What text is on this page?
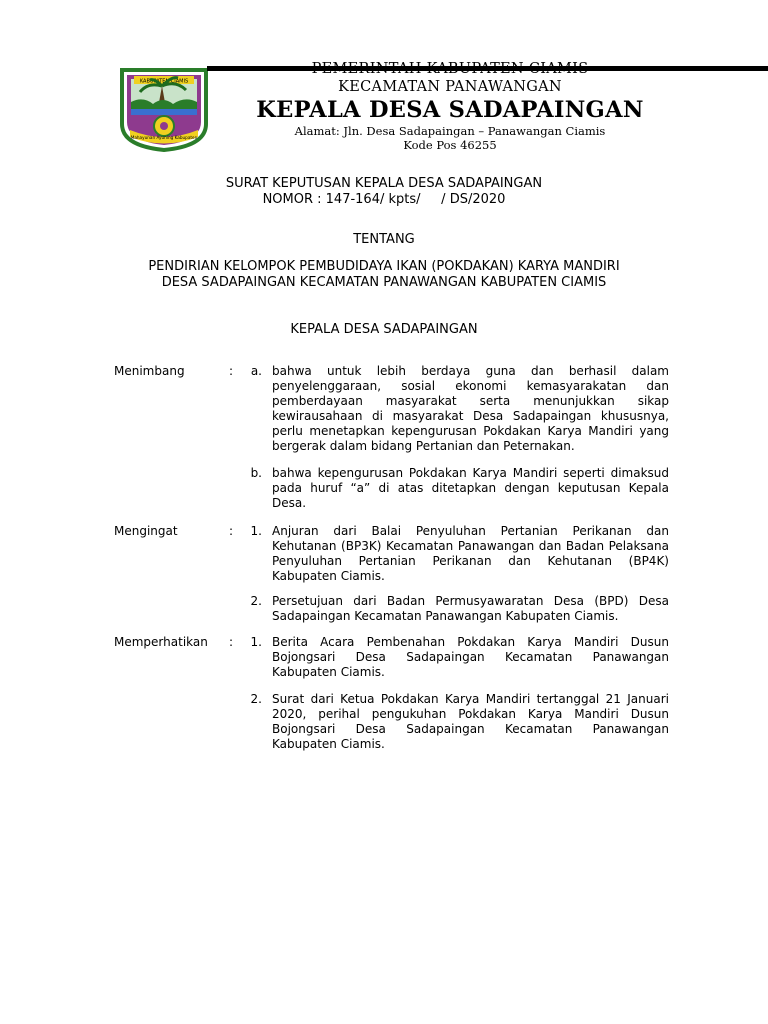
KABUPATEN CIAMIS
Mahayunan Ayuning Kabupaten
PEMERINTAH KABUPATEN CIAMIS
KECAMATAN PANAWANGAN
KEPALA DESA SADAPAINGAN
Alamat: Jln. Desa Sadapaingan – Panawangan Ciamis
Kode Pos 46255
SURAT KEPUTUSAN KEPALA DESA SADAPAINGAN
NOMOR : 147-164/ kpts/     / DS/2020
TENTANG
PENDIRIAN KELOMPOK PEMBUDIDAYA IKAN (POKDAKAN) KARYA MANDIRI
DESA SADAPAINGAN KECAMATAN PANAWANGAN KABUPATEN CIAMIS
KEPALA DESA SADAPAINGAN
Menimbang	:	a. bahwa untuk lebih berdaya guna dan berhasil dalam penyelenggaraan, sosial ekonomi kemasyarakatan dan pemberdayaan masyarakat serta menunjukkan sikap kewirausahaan di masyarakat Desa Sadapaingan khususnya, perlu menetapkan kepengurusan Pokdakan Karya Mandiri yang bergerak dalam bidang Pertanian dan Peternakan.

b. bahwa kepengurusan Pokdakan Karya Mandiri seperti dimaksud pada huruf “a” di atas ditetapkan dengan keputusan Kepala Desa.

Mengingat	:	1. Anjuran dari Balai Penyuluhan Pertanian Perikanan dan Kehutanan (BP3K) Kecamatan Panawangan dan Badan Pelaksana Penyuluhan Pertanian Perikanan dan Kehutanan (BP4K) Kabupaten Ciamis.

2. Persetujuan dari Badan Permusyawaratan Desa (BPD) Desa Sadapaingan Kecamatan Panawangan Kabupaten Ciamis.

Memperhatikan :	1. Berita Acara Pembenahan Pokdakan Karya Mandiri Dusun Bojongsari Desa Sadapaingan Kecamatan Panawangan Kabupaten Ciamis.

2. Surat dari Ketua Pokdakan Karya Mandiri tertanggal 21 Januari 2020, perihal pengukuhan Pokdakan Karya Mandiri Dusun Bojongsari Desa Sadapaingan Kecamatan Panawangan Kabupaten Ciamis.
